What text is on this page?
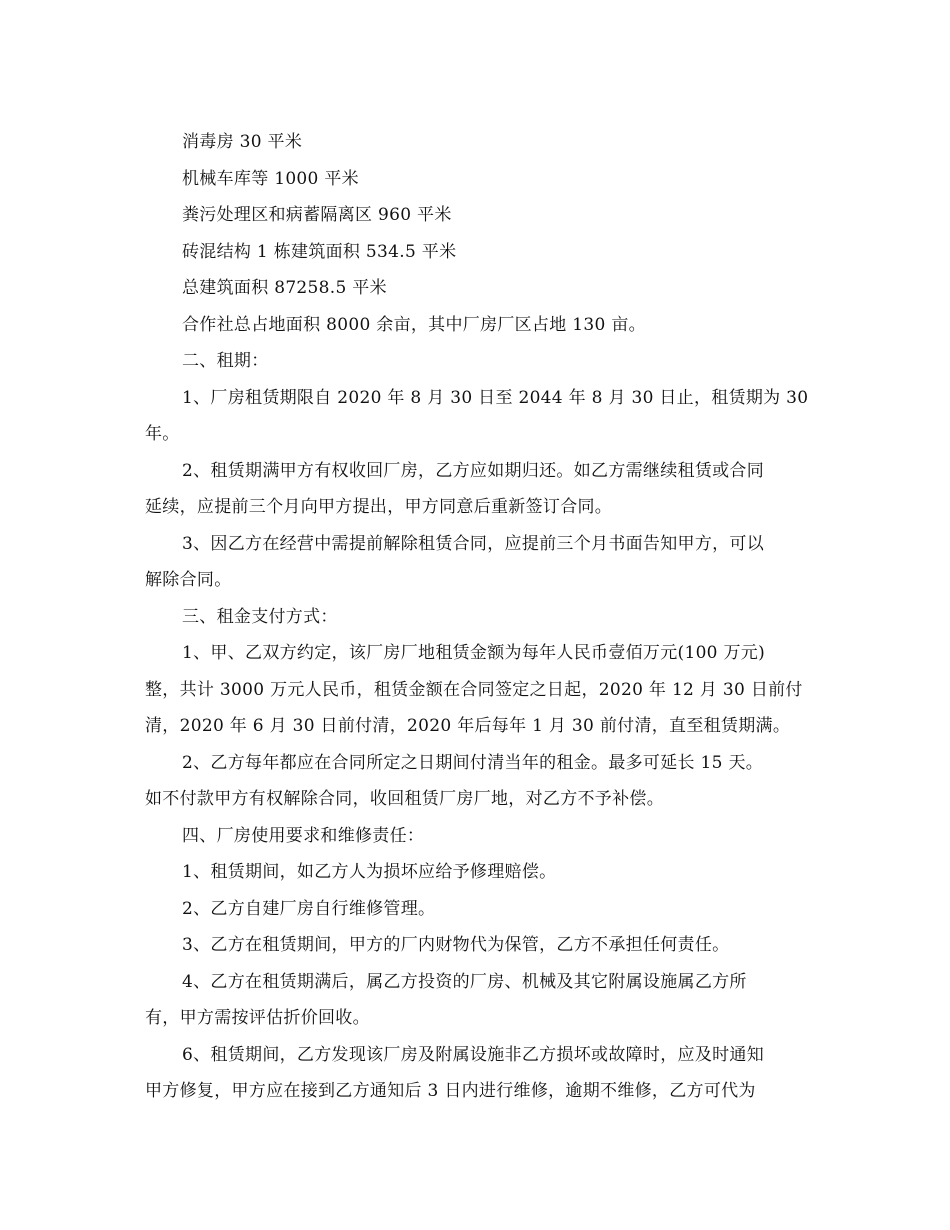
消毒房 30 平米
机械车库等 1000 平米
粪污处理区和病蓄隔离区 960 平米
砖混结构 1 栋建筑面积 534.5 平米
总建筑面积 87258.5 平米
合作社总占地面积 8000 余亩，其中厂房厂区占地 130 亩。
二、租期：
1、厂房租赁期限自 2020 年 8 月 30 日至 2044 年 8 月 30 日止，租赁期为 30
年。
2、租赁期满甲方有权收回厂房，乙方应如期归还。如乙方需继续租赁或合同
延续，应提前三个月向甲方提出，甲方同意后重新签订合同。
3、因乙方在经营中需提前解除租赁合同，应提前三个月书面告知甲方，可以
解除合同。
三、租金支付方式：
1、甲、乙双方约定，该厂房厂地租赁金额为每年人民币壹佰万元(100 万元)
整，共计 3000 万元人民币，租赁金额在合同签定之日起，2020 年 12 月 30 日前付
清，2020 年 6 月 30 日前付清，2020 年后每年 1 月 30 前付清，直至租赁期满。
2、乙方每年都应在合同所定之日期间付清当年的租金。最多可延长 15 天。
如不付款甲方有权解除合同，收回租赁厂房厂地，对乙方不予补偿。
四、厂房使用要求和维修责任：
1、租赁期间，如乙方人为损坏应给予修理赔偿。
2、乙方自建厂房自行维修管理。
3、乙方在租赁期间，甲方的厂内财物代为保管，乙方不承担任何责任。
4、乙方在租赁期满后，属乙方投资的厂房、机械及其它附属设施属乙方所
有，甲方需按评估折价回收。
6、租赁期间，乙方发现该厂房及附属设施非乙方损坏或故障时，应及时通知
甲方修复，甲方应在接到乙方通知后 3 日内进行维修，逾期不维修，乙方可代为
